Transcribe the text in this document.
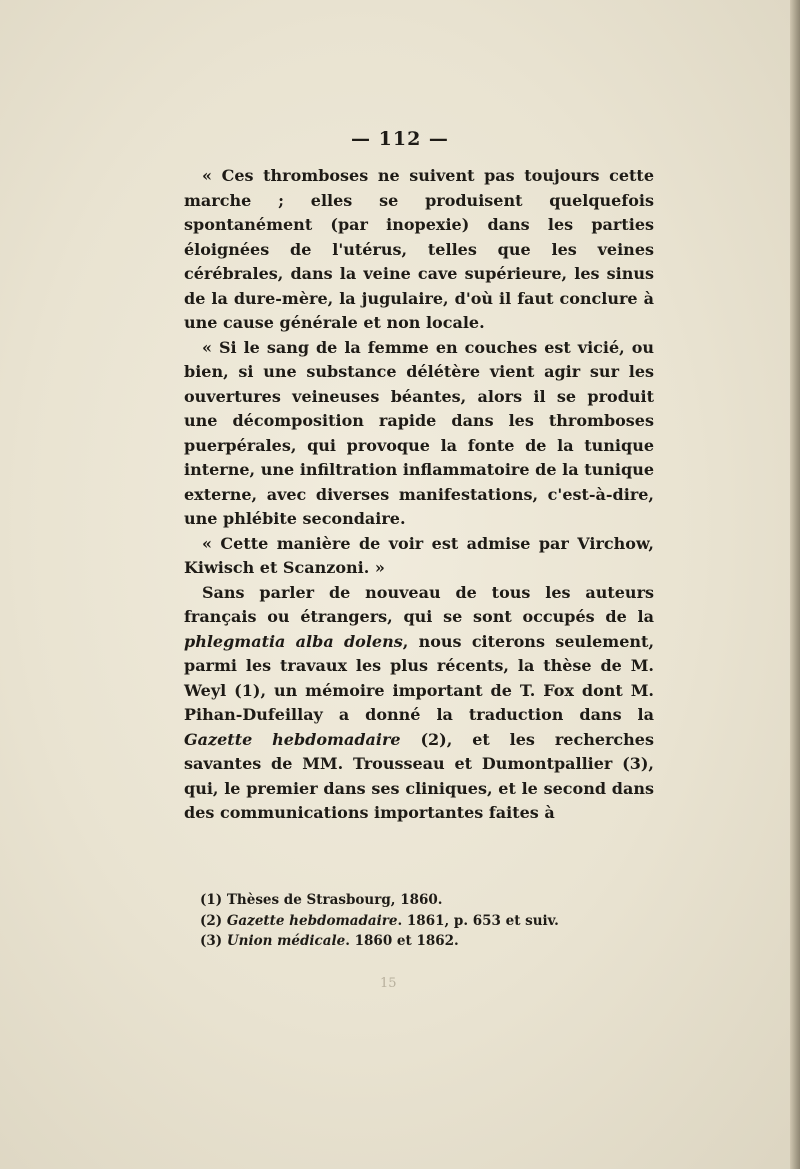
— 112 —

« Ces thromboses ne suivent pas toujours cette marche ; elles se produisent quelquefois spontanément (par inopexie) dans les parties éloignées de l'utérus, telles que les veines cérébrales, dans la veine cave supérieure, les sinus de la dure-mère, la jugulaire, d'où il faut conclure à une cause générale et non locale.

« Si le sang de la femme en couches est vicié, ou bien, si une substance délétère vient agir sur les ouvertures veineuses béantes, alors il se produit une décomposition rapide dans les thromboses puerpérales, qui provoque la fonte de la tunique interne, une infiltration inflammatoire de la tunique externe, avec diverses manifestations, c'est-à-dire, une phlébite secondaire.

« Cette manière de voir est admise par Virchow, Kiwisch et Scanzoni. »

Sans parler de nouveau de tous les auteurs français ou étrangers, qui se sont occupés de la phlegmatia alba dolens, nous citerons seulement, parmi les travaux les plus récents, la thèse de M. Weyl (1), un mémoire important de T. Fox dont M. Pihan-Dufeillay a donné la traduction dans la Gazette hebdomadaire (2), et les recherches savantes de MM. Trousseau et Dumontpallier (3), qui, le premier dans ses cliniques, et le second dans des communications importantes faites à

(1) Thèses de Strasbourg, 1860.

(2) Gazette hebdomadaire. 1861, p. 653 et suiv.

(3) Union médicale. 1860 et 1862.

15
